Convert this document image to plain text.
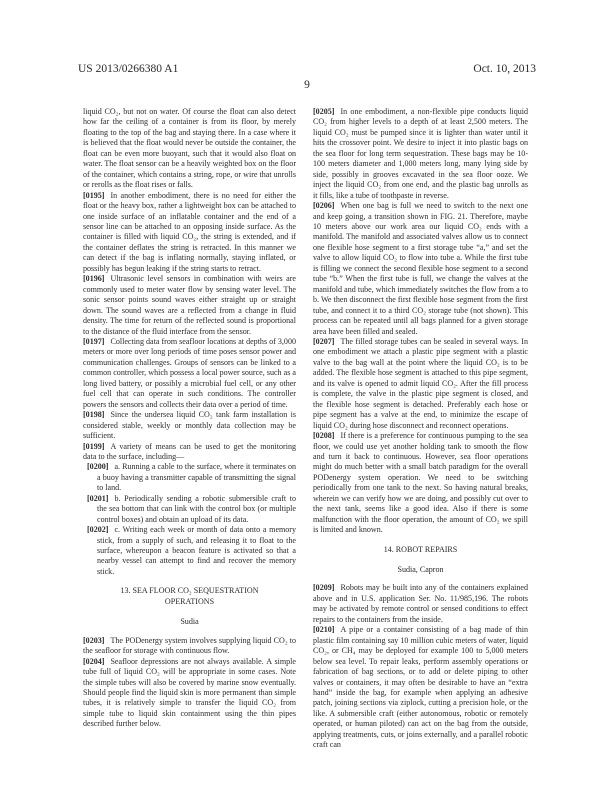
US 2013/0266380 A1	Oct. 10, 2013
9

liquid CO₂, but not on water. Of course the float can also detect how far the ceiling of a container is from its floor, by merely floating to the top of the bag and staying there. In a case where it is believed that the float would never be outside the container, the float can be even more buoyant, such that it would also float on water. The float sensor can be a heavily weighted box on the floor of the container, which contains a string, rope, or wire that unrolls or rerolls as the float rises or falls.

[0195] In another embodiment, there is no need for either the float or the heavy box, rather a lightweight box can be attached to one inside surface of an inflatable container and the end of a sensor line can be attached to an opposing inside surface. As the container is filled with liquid CO₂, the string is extended, and if the container deflates the string is retracted. In this manner we can detect if the bag is inflating normally, staying inflated, or possibly has begun leaking if the string starts to retract.

[0196] Ultrasonic level sensors in combination with weirs are commonly used to meter water flow by sensing water level. The sonic sensor points sound waves either straight up or straight down. The sound waves are a reflected from a change in fluid density. The time for return of the reflected sound is proportional to the distance of the fluid interface from the sensor.

[0197] Collecting data from seafloor locations at depths of 3,000 meters or more over long periods of time poses sensor power and communication challenges. Groups of sensors can be linked to a common controller, which possess a local power source, such as a long lived battery, or possibly a microbial fuel cell, or any other fuel cell that can operate in such conditions. The controller powers the sensors and collects their data over a period of time.

[0198] Since the undersea liquid CO₂ tank farm installation is considered stable, weekly or monthly data collection may be sufficient.

[0199] A variety of means can be used to get the monitoring data to the surface, including—

[0200] a. Running a cable to the surface, where it terminates on a buoy having a transmitter capable of transmitting the signal to land.

[0201] b. Periodically sending a robotic submersible craft to the sea bottom that can link with the control box (or multiple control boxes) and obtain an upload of its data.

[0202] c. Writing each week or month of data onto a memory stick, from a supply of such, and releasing it to float to the surface, whereupon a beacon feature is activated so that a nearby vessel can attempt to find and recover the memory stick.

13. SEA FLOOR CO₂ SEQUESTRATION
OPERATIONS
Sudia

[0203] The PODenergy system involves supplying liquid CO₂ to the seafloor for storage with continuous flow.

[0204] Seafloor depressions are not always available. A simple tube full of liquid CO₂ will be appropriate in some cases. Note the simple tubes will also be covered by marine snow eventually. Should people find the liquid skin is more permanent than simple tubes, it is relatively simple to transfer the liquid CO₂ from simple tube to liquid skin containment using the thin pipes described further below.

[0205] In one embodiment, a non-flexible pipe conducts liquid CO₂ from higher levels to a depth of at least 2,500 meters. The liquid CO₂ must be pumped since it is lighter than water until it hits the crossover point. We desire to inject it into plastic bags on the sea floor for long term sequestration. These bags may be 10-100 meters diameter and 1,000 meters long, many lying side by side, possibly in grooves excavated in the sea floor ooze. We inject the liquid CO₂ from one end, and the plastic bag unrolls as it fills, like a tube of toothpaste in reverse.

[0206] When one bag is full we need to switch to the next one and keep going, a transition shown in FIG. 21. Therefore, maybe 10 meters above our work area our liquid CO₂ ends with a manifold. The manifold and associated valves allow us to connect one flexible hose segment to a first storage tube “a,” and set the valve to allow liquid CO₂ to flow into tube a. While the first tube is filling we connect the second flexible hose segment to a second tube “b.” When the first tube is full, we change the valves at the manifold and tube, which immediately switches the flow from a to b. We then disconnect the first flexible hose segment from the first tube, and connect it to a third CO₂ storage tube (not shown). This process can be repeated until all bags planned for a given storage area have been filled and sealed.

[0207] The filled storage tubes can be sealed in several ways. In one embodiment we attach a plastic pipe segment with a plastic valve to the bag wall at the point where the liquid CO₂ is to be added. The flexible hose segment is attached to this pipe segment, and its valve is opened to admit liquid CO₂. After the fill process is complete, the valve in the plastic pipe segment is closed, and the flexible hose segment is detached. Preferably each hose or pipe segment has a valve at the end, to minimize the escape of liquid CO₂ during hose disconnect and reconnect operations.

[0208] If there is a preference for continuous pumping to the sea floor, we could use yet another holding tank to smooth the flow and turn it back to continuous. However, sea floor operations might do much better with a small batch paradigm for the overall PODenergy system operation. We need to be switching periodically from one tank to the next. So having natural breaks, wherein we can verify how we are doing, and possibly cut over to the next tank, seems like a good idea. Also if there is some malfunction with the floor operation, the amount of CO₂ we spill is limited and known.

14. ROBOT REPAIRS
Sudia, Capron

[0209] Robots may be built into any of the containers explained above and in U.S. application Ser. No. 11/985,196. The robots may be activated by remote control or sensed conditions to effect repairs to the containers from the inside.

[0210] A pipe or a container consisting of a bag made of thin plastic film containing say 10 million cubic meters of water, liquid CO₂, or CH₄ may be deployed for example 100 to 5,000 meters below sea level. To repair leaks, perform assembly operations or fabrication of bag sections, or to add or delete piping to other valves or containers, it may often be desirable to have an “extra hand” inside the bag, for example when applying an adhesive patch, joining sections via ziplock, cutting a precision hole, or the like. A submersible craft (either autonomous, robotic or remotely operated, or human piloted) can act on the bag from the outside, applying treatments, cuts, or joins externally, and a parallel robotic craft can
